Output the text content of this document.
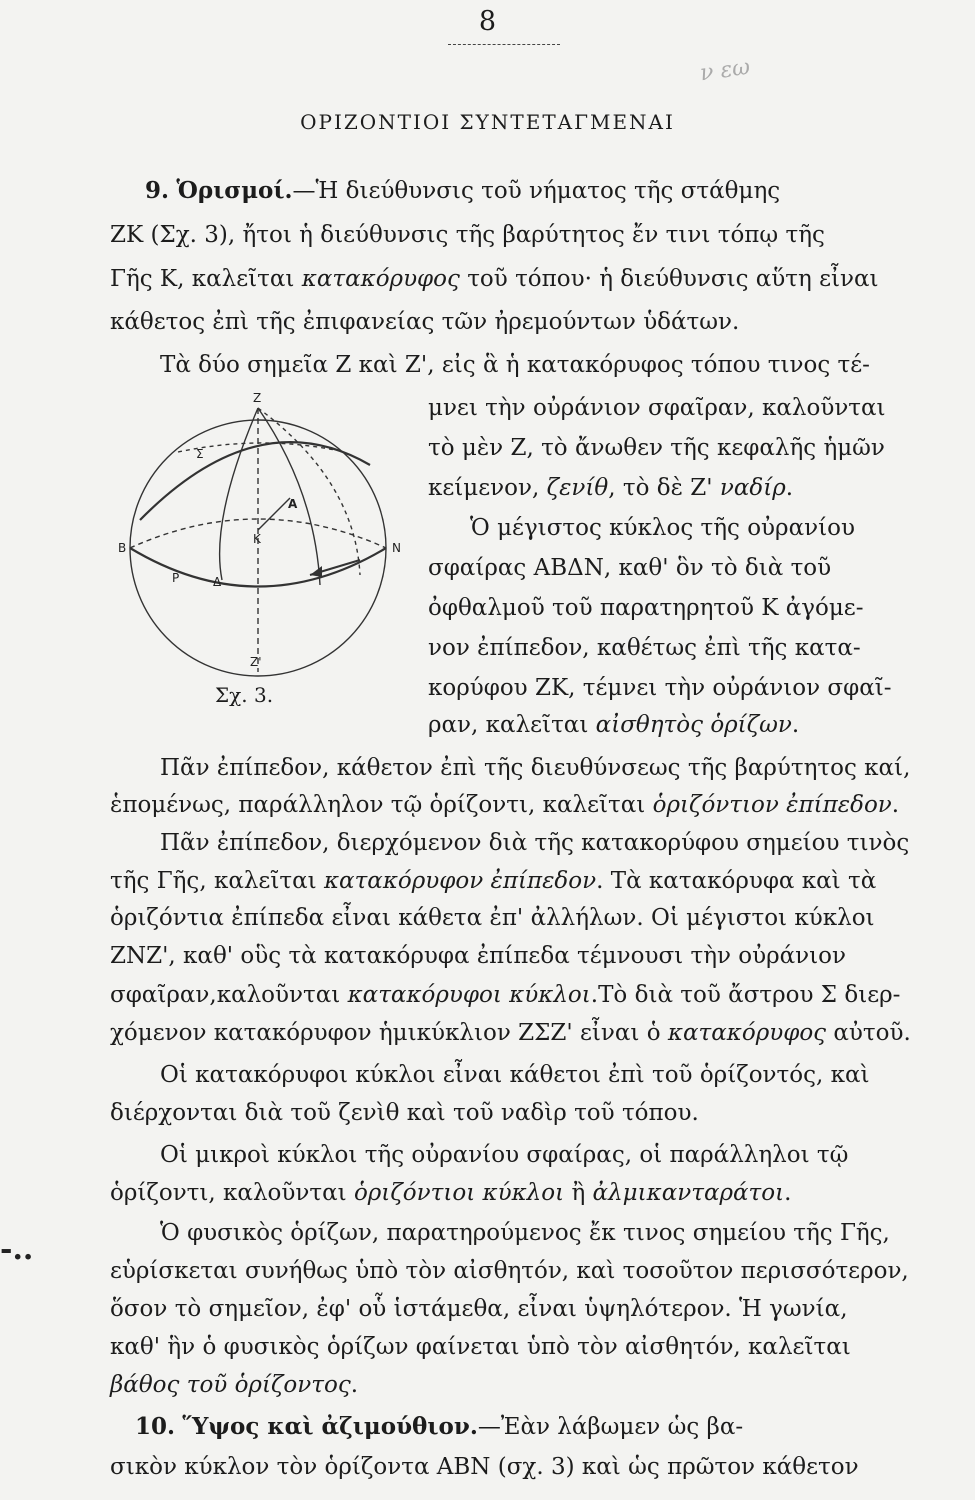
8
ν εω
ΟΡΙΖΟΝΤΙΟΙ ΣΥΝΤΕΤΑΓΜΕΝΑΙ
9. Ὁρισμοί.—Ἡ διεύθυνσις τοῦ νήματος τῆς στάθμης
ΖΚ (Σχ. 3), ἤτοι ἡ διεύθυνσις τῆς βαρύτητος ἔν τινι τόπῳ τῆς
Γῆς Κ, καλεῖται κατακόρυφος τοῦ τόπου· ἡ διεύθυνσις αὕτη εἶναι
κάθετος ἐπὶ τῆς ἐπιφανείας τῶν ἠρεμούντων ὑδάτων.
Τὰ δύο σημεῖα Ζ καὶ Ζ', εἰς ἃ ἡ κατακόρυφος τόπου τινος τέ-
μνει τὴν οὐράνιον σφαῖραν, καλοῦνται
τὸ μὲν Ζ, τὸ ἄνωθεν τῆς κεφαλῆς ἡμῶν
κείμενον, ζενίθ, τὸ δὲ Ζ' ναδίρ.
Ὁ μέγιστος κύκλος τῆς οὐρανίου
σφαίρας ΑΒΔΝ, καθ' ὃν τὸ διὰ τοῦ
ὀφθαλμοῦ τοῦ παρατηρητοῦ Κ ἀγόμε-
νον ἐπίπεδον, καθέτως ἐπὶ τῆς κατα-
κορύφου ΖΚ, τέμνει τὴν οὐράνιον σφαῖ-
ραν, καλεῖται αἰσθητὸς ὁρίζων.
Z
B	N
K
A
P	Δ
Z'
Σ
Σχ. 3.
Πᾶν ἐπίπεδον, κάθετον ἐπὶ τῆς διευθύνσεως τῆς βαρύτητος καί,
ἑπομένως, παράλληλον τῷ ὁρίζοντι, καλεῖται ὁριζόντιον ἐπίπεδον.
Πᾶν ἐπίπεδον, διερχόμενον διὰ τῆς κατακορύφου σημείου τινὸς
τῆς Γῆς, καλεῖται κατακόρυφον ἐπίπεδον. Τὰ κατακόρυφα καὶ τὰ
ὁριζόντια ἐπίπεδα εἶναι κάθετα ἐπ' ἀλλήλων. Οἱ μέγιστοι κύκλοι
ΖΝΖ', καθ' οὓς τὰ κατακόρυφα ἐπίπεδα τέμνουσι τὴν οὐράνιον
σφαῖραν,καλοῦνται κατακόρυφοι κύκλοι.Τὸ διὰ τοῦ ἄστρου Σ διερ-
χόμενον κατακόρυφον ἡμικύκλιον ΖΣΖ' εἶναι ὁ κατακόρυφος αὐτοῦ.
Οἱ κατακόρυφοι κύκλοι εἶναι κάθετοι ἐπὶ τοῦ ὁρίζοντός, καὶ
διέρχονται διὰ τοῦ ζενὶθ καὶ τοῦ ναδὶρ τοῦ τόπου.
Οἱ μικροὶ κύκλοι τῆς οὐρανίου σφαίρας, οἱ παράλληλοι τῷ
ὁρίζοντι, καλοῦνται ὁριζόντιοι κύκλοι ἢ ἀλμικανταράτοι.
Ὁ φυσικὸς ὁρίζων, παρατηρούμενος ἔκ τινος σημείου τῆς Γῆς,
εὑρίσκεται συνήθως ὑπὸ τὸν αἰσθητόν, καὶ τοσοῦτον περισσότερον,
ὅσον τὸ σημεῖον, ἐφ' οὗ ἱστάμεθα, εἶναι ὑψηλότερον. Ἡ γωνία,
καθ' ἣν ὁ φυσικὸς ὁρίζων φαίνεται ὑπὸ τὸν αἰσθητόν, καλεῖται
βάθος τοῦ ὁρίζοντος.
10. Ὕψος καὶ ἀζιμούθιον.—Ἐὰν λάβωμεν ὡς βα-
σικὸν κύκλον τὸν ὁρίζοντα ΑΒΝ (σχ. 3) καὶ ὡς πρῶτον κάθετον
-..
